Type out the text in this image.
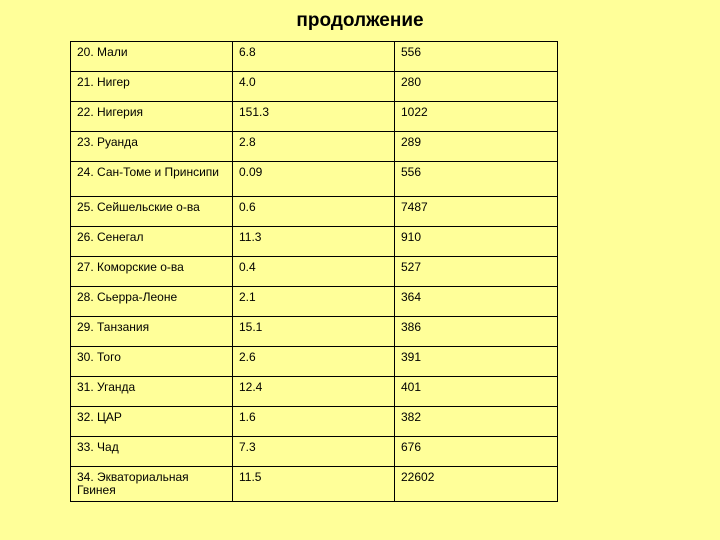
продолжение
20. Мали	6.8	556
21. Нигер	4.0	280
22. Нигерия	151.3	1022
23. Руанда	2.8	289
24. Сан-Томе и Принсипи	0.09	556
25. Сейшельские о-ва	0.6	7487
26. Сенегал	11.3	910
27. Коморские о-ва	0.4	527
28. Сьерра-Леоне	2.1	364
29. Танзания	15.1	386
30. Того	2.6	391
31. Уганда	12.4	401
32. ЦАР	1.6	382
33. Чад	7.3	676
34. Экваториальная Гвинея	11.5	22602
